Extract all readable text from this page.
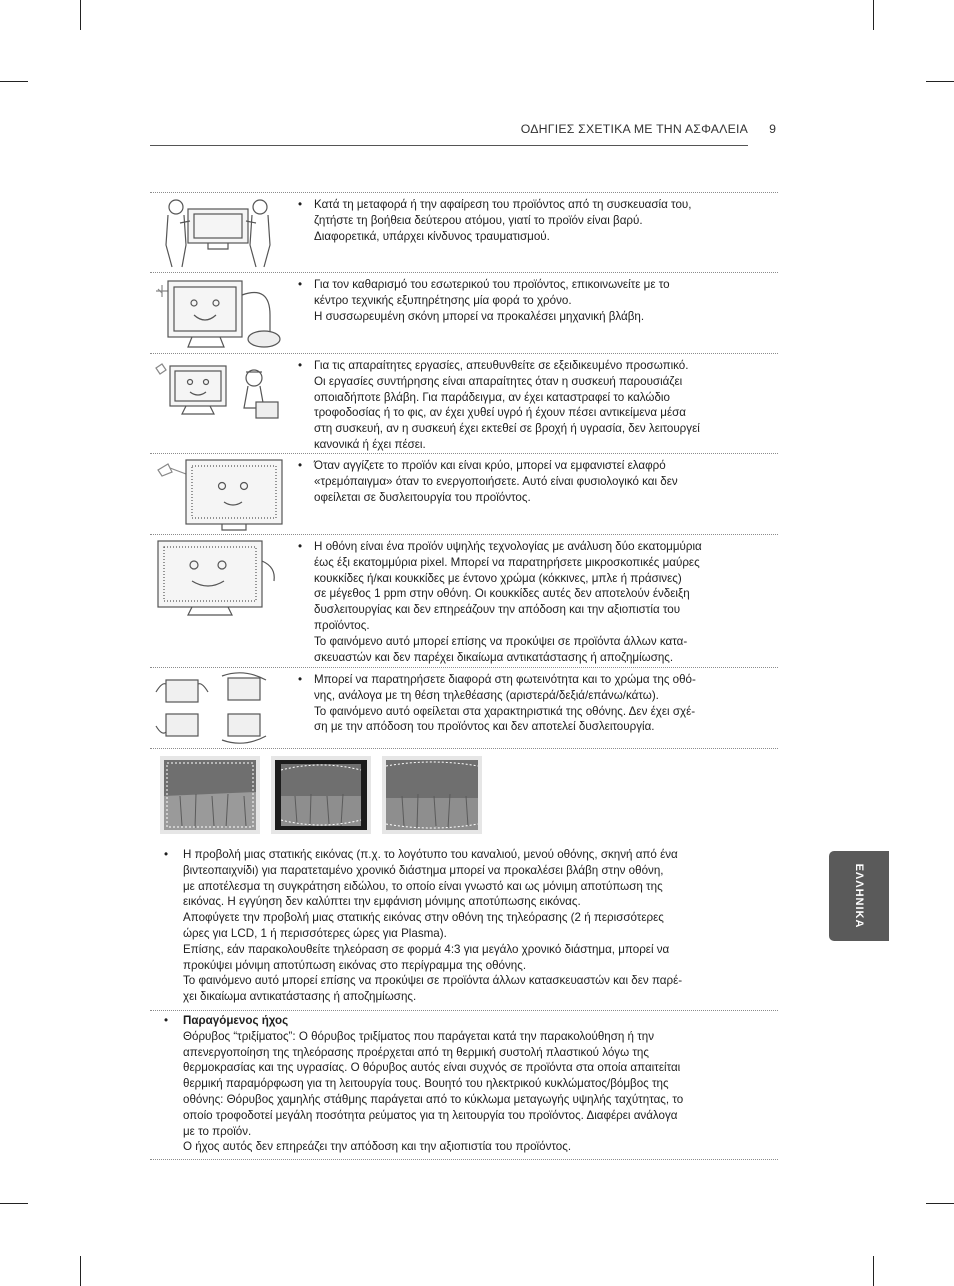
ΟΔΗΓΙΕΣ ΣΧΕΤΙΚΑ ΜΕ ΤΗΝ ΑΣΦΑΛΕΙΑ 9
ΕΛΛΗΝΙΚΑ
• Κατά τη μεταφορά ή την αφαίρεση του προϊόντος από τη συσκευασία του,

ζητήστε τη βοήθεια δεύτερου ατόμου, γιατί το προϊόν είναι βαρύ.

Διαφορετικά, υπάρχει κίνδυνος τραυματισμού.

• Για τον καθαρισμό του εσωτερικού του προϊόντος, επικοινωνείτε με το

κέντρο τεχνικής εξυπηρέτησης μία φορά το χρόνο.

Η συσσωρευμένη σκόνη μπορεί να προκαλέσει μηχανική βλάβη.

• Για τις απαραίτητες εργασίες, απευθυνθείτε σε εξειδικευμένο προσωπικό.

Οι εργασίες συντήρησης είναι απαραίτητες όταν η συσκευή παρουσιάζει

οποιαδήποτε βλάβη. Για παράδειγμα, αν έχει καταστραφεί το καλώδιο

τροφοδοσίας ή το φις, αν έχει χυθεί υγρό ή έχουν πέσει αντικείμενα μέσα

στη συσκευή, αν η συσκευή έχει εκτεθεί σε βροχή ή υγρασία, δεν λειτουργεί

κανονικά ή έχει πέσει.

• Όταν αγγίζετε το προϊόν και είναι κρύο, μπορεί να εμφανιστεί ελαφρό

«τρεμόπαιγμα» όταν το ενεργοποιήσετε. Αυτό είναι φυσιολογικό και δεν

οφείλεται σε δυσλειτουργία του προϊόντος.

• Η οθόνη είναι ένα προϊόν υψηλής τεχνολογίας με ανάλυση δύο εκατομμύρια

έως έξι εκατομμύρια pixel. Μπορεί να παρατηρήσετε μικροσκοπικές μαύρες

κουκκίδες ή/και κουκκίδες με έντονο χρώμα (κόκκινες, μπλε ή πράσινες)

σε μέγεθος 1 ppm στην οθόνη. Οι κουκκίδες αυτές δεν αποτελούν ένδειξη

δυσλειτουργίας και δεν επηρεάζουν την απόδοση και την αξιοπιστία του

προϊόντος.

Το φαινόμενο αυτό μπορεί επίσης να προκύψει σε προϊόντα άλλων κατα-

σκευαστών και δεν παρέχει δικαίωμα αντικατάστασης ή αποζημίωσης.

• Μπορεί να παρατηρήσετε διαφορά στη φωτεινότητα και το χρώμα της οθό-

νης, ανάλογα με τη θέση τηλεθέασης (αριστερά/δεξιά/επάνω/κάτω).

Το φαινόμενο αυτό οφείλεται στα χαρακτηριστικά της οθόνης. Δεν έχει σχέ-

ση με την απόδοση του προϊόντος και δεν αποτελεί δυσλειτουργία.

• Η προβολή μιας στατικής εικόνας (π.χ. το λογότυπο του καναλιού, μενού οθόνης, σκηνή από ένα

βιντεοπαιχνίδι) για παρατεταμένο χρονικό διάστημα μπορεί να προκαλέσει βλάβη στην οθόνη,

με αποτέλεσμα τη συγκράτηση ειδώλου, το οποίο είναι γνωστό και ως μόνιμη αποτύπωση της

εικόνας. Η εγγύηση δεν καλύπτει την εμφάνιση μόνιμης αποτύπωσης εικόνας.

Αποφύγετε την προβολή μιας στατικής εικόνας στην οθόνη της τηλεόρασης (2 ή περισσότερες

ώρες για LCD, 1 ή περισσότερες ώρες για Plasma).

Επίσης, εάν παρακολουθείτε τηλεόραση σε φορμά 4:3 για μεγάλο χρονικό διάστημα, μπορεί να

προκύψει μόνιμη αποτύπωση εικόνας στο περίγραμμα της οθόνης.

Το φαινόμενο αυτό μπορεί επίσης να προκύψει σε προϊόντα άλλων κατασκευαστών και δεν παρέ-

χει δικαίωμα αντικατάστασης ή αποζημίωσης.

• Παραγόμενος ήχος

Θόρυβος “τριξίματος”: Ο θόρυβος τριξίματος που παράγεται κατά την παρακολούθηση ή την

απενεργοποίηση της τηλεόρασης προέρχεται από τη θερμική συστολή πλαστικού λόγω της

θερμοκρασίας και της υγρασίας. Ο θόρυβος αυτός είναι συχνός σε προϊόντα στα οποία απαιτείται

θερμική παραμόρφωση για τη λειτουργία τους. Βουητό του ηλεκτρικού κυκλώματος/βόμβος της

οθόνης: Θόρυβος χαμηλής στάθμης παράγεται από το κύκλωμα μεταγωγής υψηλής ταχύτητας, το

οποίο τροφοδοτεί μεγάλη ποσότητα ρεύματος για τη λειτουργία του προϊόντος. Διαφέρει ανάλογα

με το προϊόν.

Ο ήχος αυτός δεν επηρεάζει την απόδοση και την αξιοπιστία του προϊόντος.
